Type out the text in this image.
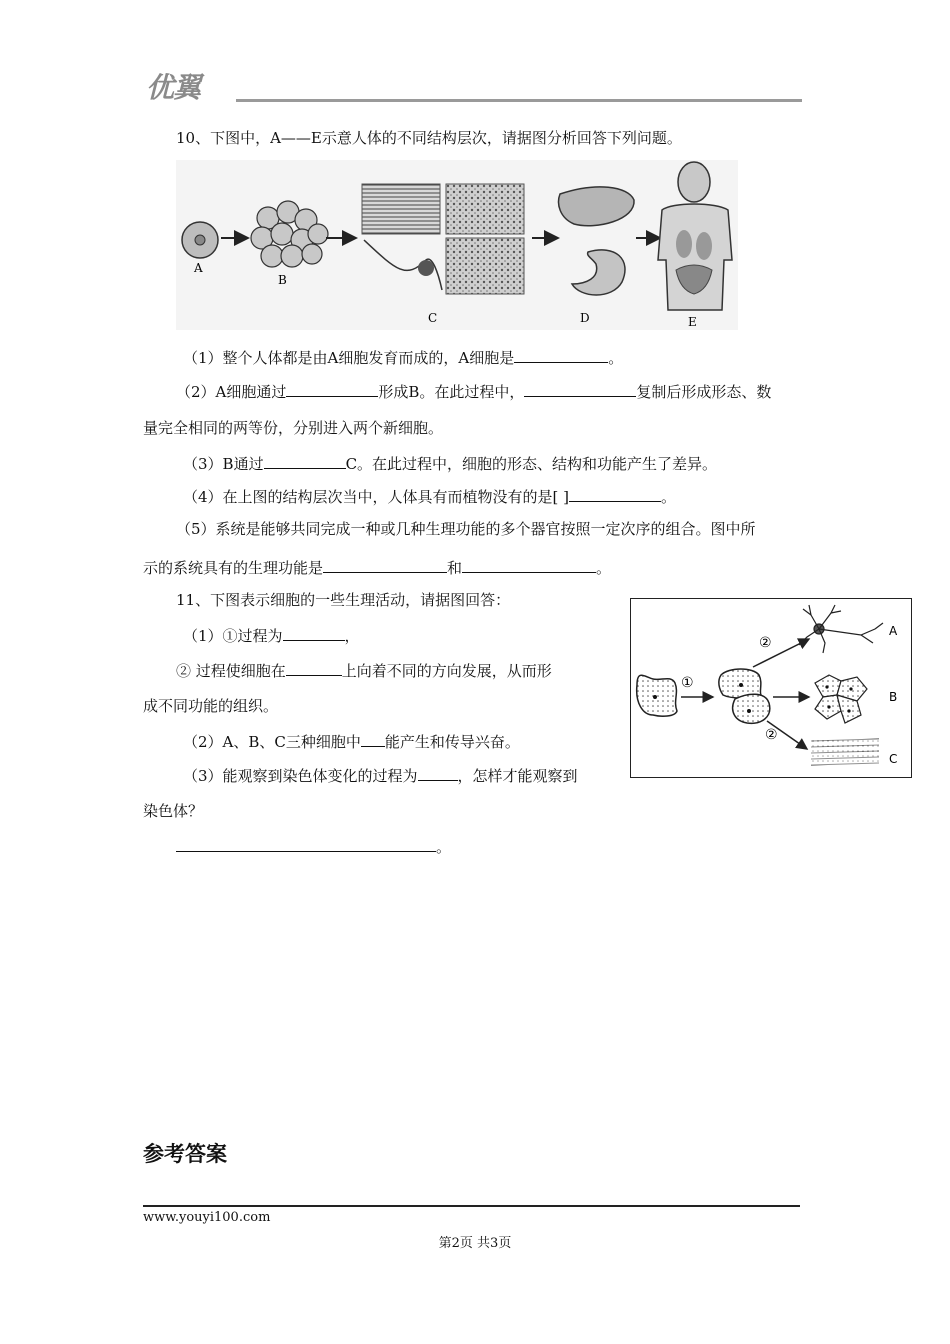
优翼
10、下图中，A——E示意人体的不同结构层次，请据图分析回答下列问题。
A
B
C	D	E
（1）整个人体都是由A细胞发育而成的，A细胞是	。
（2）A细胞通过	形成B。在此过程中，	复制后形成形态、数
量完全相同的两等份，分别进入两个新细胞。
（3）B通过	C。在此过程中，细胞的形态、结构和功能产生了差异。
（4）在上图的结构层次当中，人体具有而植物没有的是[ ]	。
（5）系统是能够共同完成一种或几种生理功能的多个器官按照一定次序的组合。图中所
示的系统具有的生理功能是	和	。
11、下图表示细胞的一些生理活动，请据图回答：
（1）①过程为	，
② 过程使细胞在	上向着不同的方向发展，从而形
成不同功能的组织。
（2）A、B、C三种细胞中 能产生和传导兴奋。
（3）能观察到染色体变化的过程为	，怎样才能观察到
染色体？
。
①
②
②
A
B
C
参考答案
www.youyi100.com
第2页 共3页
